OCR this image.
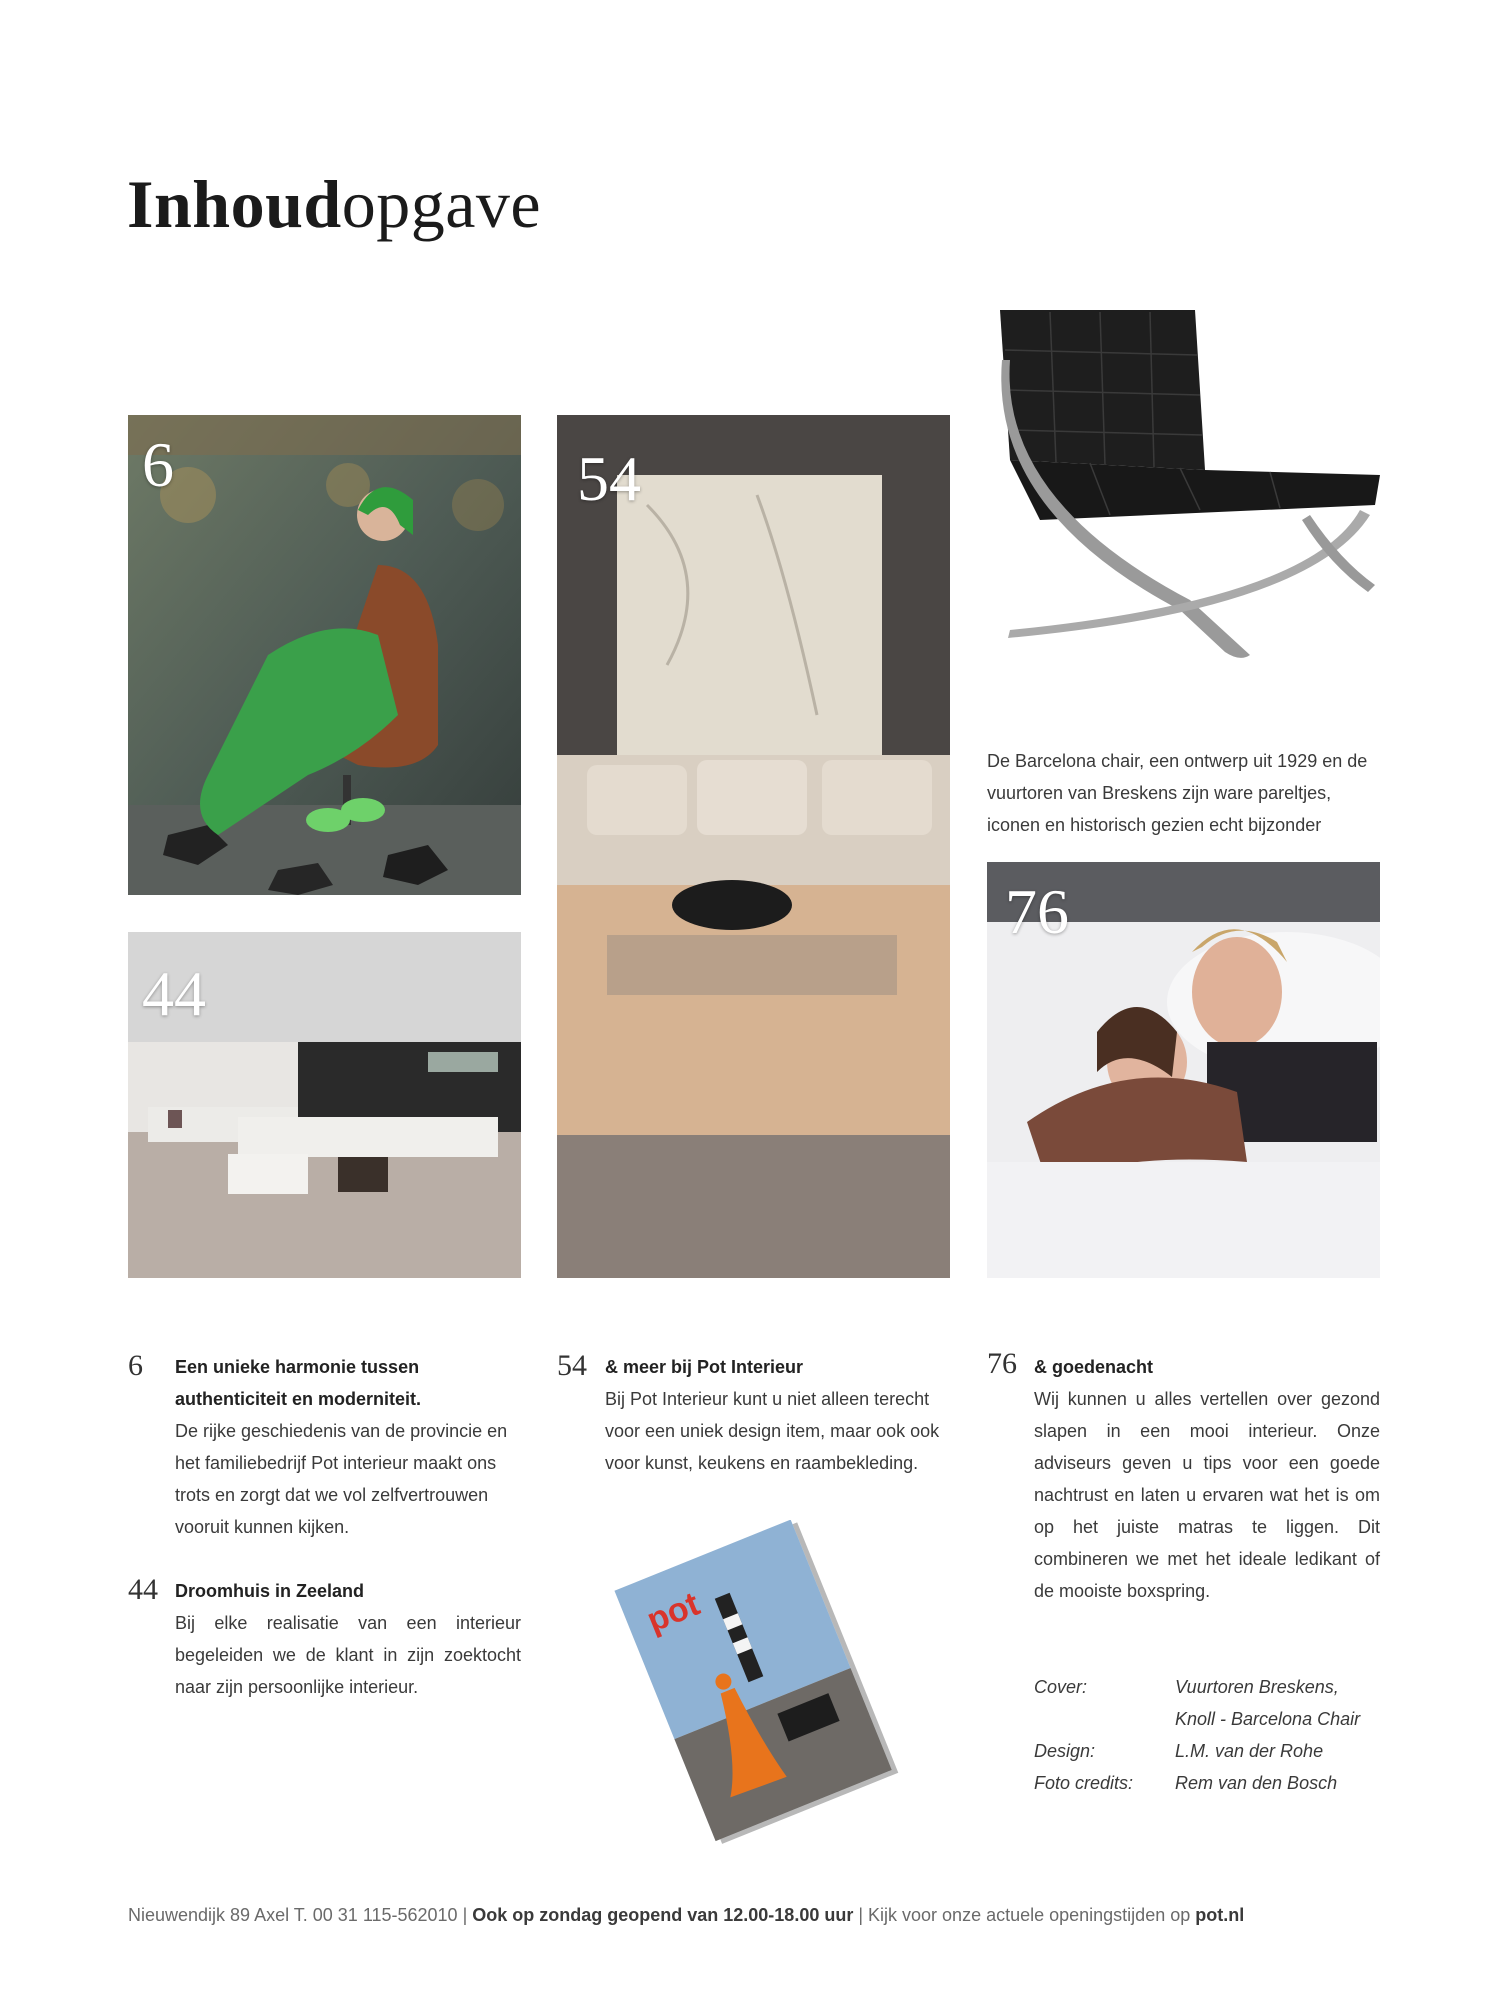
Inhoudopgave
6
44
54
De Barcelona chair, een ontwerp uit 1929 en de vuurtoren van Breskens zijn ware pareltjes, iconen en historisch gezien echt bijzonder
76
6 Een unieke harmonie tussen
authenticiteit en moderniteit.
De rijke geschiedenis van de provincie en het familiebedrijf Pot interieur maakt ons trots en zorgt dat we vol zelfvertrouwen vooruit kunnen kijken.
44 Droomhuis in Zeeland
Bij elke realisatie van een interieur begeleiden we de klant in zijn zoektocht naar zijn persoonlijke interieur.
54 & meer bij Pot Interieur
Bij Pot Interieur kunt u niet alleen terecht voor een uniek design item, maar ook ook voor kunst, keukens en raambekleding.
76 & goedenacht
Wij kunnen u alles vertellen over gezond slapen in een mooi interieur. Onze adviseurs geven u tips voor een goede nachtrust en laten u ervaren wat het is om op het juiste matras te liggen. Dit combineren we met het ideale ledikant of de mooiste boxspring.
pot
Cover:	Vuurtoren Breskens,
Knoll - Barcelona Chair
Design:	L.M. van der Rohe
Foto credits: Rem van den Bosch
Nieuwendijk 89 Axel T. 00 31 115-562010 | Ook op zondag geopend van 12.00-18.00 uur | Kijk voor onze actuele openingstijden op pot.nl
